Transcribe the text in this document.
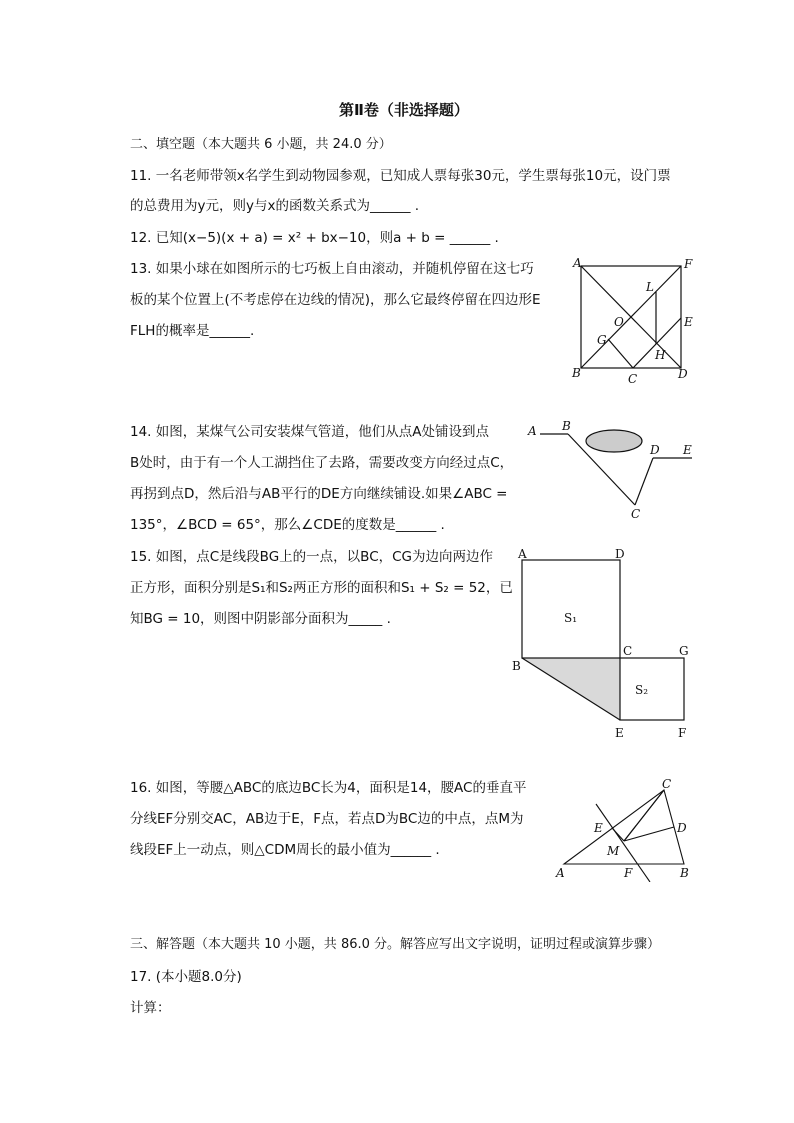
第Ⅱ卷（非选择题）
二、填空题（本大题共 6 小题，共 24.0 分）
11. 一名老师带领x名学生到动物园参观，已知成人票每张30元，学生票每张10元，设门票
的总费用为y元，则y与x的函数关系式为______ .
12. 已知(x−5)(x + a) = x² + bx−10，则a + b = ______ .
13. 如果小球在如图所示的七巧板上自由滚动，并随机停留在这七巧
板的某个位置上(不考虑停在边线的情况)，那么它最终停留在四边形E
FLH的概率是______.
A	F
L
O	E
G
H
B	C	D
14. 如图，某煤气公司安装煤气管道，他们从点A处铺设到点
B处时，由于有一个人工湖挡住了去路，需要改变方向经过点C，
再拐到点D，然后沿与AB平行的DE方向继续铺设.如果∠ABC =
135°，∠BCD = 65°，那么∠CDE的度数是______ .
A B
D E
C
15. 如图，点C是线段BG上的一点，以BC，CG为边向两边作
正方形，面积分别是S₁和S₂两正方形的面积和S₁ + S₂ = 52，已
知BG = 10，则图中阴影部分面积为_____ .
A	D
S₁
B
C	G
S₂
E	F
16. 如图，等腰△ABC的底边BC长为4，面积是14，腰AC的垂直平
分线EF分别交AC，AB边于E，F点，若点D为BC边的中点，点M为
线段EF上一动点，则△CDM周长的最小值为______ .
C
E	D
M
A	F	B
三、解答题（本大题共 10 小题，共 86.0 分。解答应写出文字说明，证明过程或演算步骤）
17. (本小题8.0分)
计算：
